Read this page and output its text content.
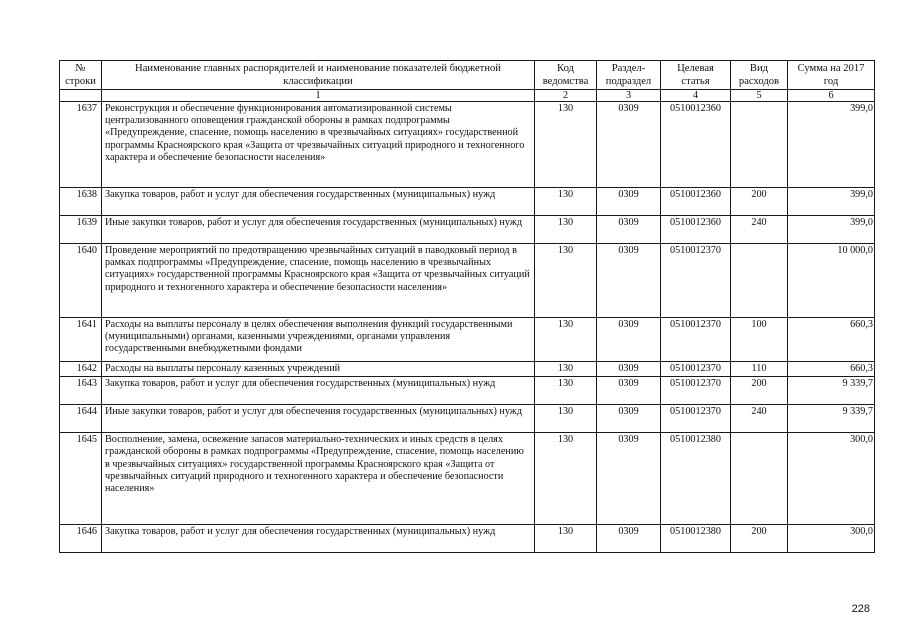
№ строки	Наименование главных распорядителей и наименование показателей бюджетной классификации	Код ведомства	Раздел-подраздел	Целевая статья	Вид расходов	Сумма на 2017 год
	1	2	3	4	5	6
1637	Реконструкция и обеспечение функционирования автоматизированной системы централизованного оповещения гражданской обороны в рамках подпрограммы «Предупреждение, спасение, помощь населению в чрезвычайных ситуациях» государственной программы Красноярского края «Защита от чрезвычайных ситуаций природного и техногенного характера и обеспечение безопасности населения»	130	0309	0510012360		399,0
1638	Закупка товаров, работ и услуг для обеспечения государственных (муниципальных) нужд	130	0309	0510012360	200	399,0
1639	Иные закупки товаров, работ и услуг для обеспечения государственных (муниципальных) нужд	130	0309	0510012360	240	399,0
1640	Проведение мероприятий по предотвращению чрезвычайных ситуаций в паводковый период в рамках подпрограммы «Предупреждение, спасение, помощь населению в чрезвычайных ситуациях» государственной программы Красноярского края «Защита от чрезвычайных ситуаций природного и техногенного характера и обеспечение безопасности населения»	130	0309	0510012370		10 000,0
1641	Расходы на выплаты персоналу в целях обеспечения выполнения функций государственными (муниципальными) органами, казенными учреждениями, органами управления государственными внебюджетными фондами	130	0309	0510012370	100	660,3
1642	Расходы на выплаты персоналу казенных учреждений	130	0309	0510012370	110	660,3
1643	Закупка товаров, работ и услуг для обеспечения государственных (муниципальных) нужд	130	0309	0510012370	200	9 339,7
1644	Иные закупки товаров, работ и услуг для обеспечения государственных (муниципальных) нужд	130	0309	0510012370	240	9 339,7
1645	Восполнение, замена, освежение запасов материально-технических и иных средств в целях гражданской обороны в рамках подпрограммы «Предупреждение, спасение, помощь населению в чрезвычайных ситуациях» государственной программы Красноярского края «Защита от чрезвычайных ситуаций природного и техногенного характера и обеспечение безопасности населения»	130	0309	0510012380		300,0
1646	Закупка товаров, работ и услуг для обеспечения государственных (муниципальных) нужд	130	0309	0510012380	200	300,0
228
